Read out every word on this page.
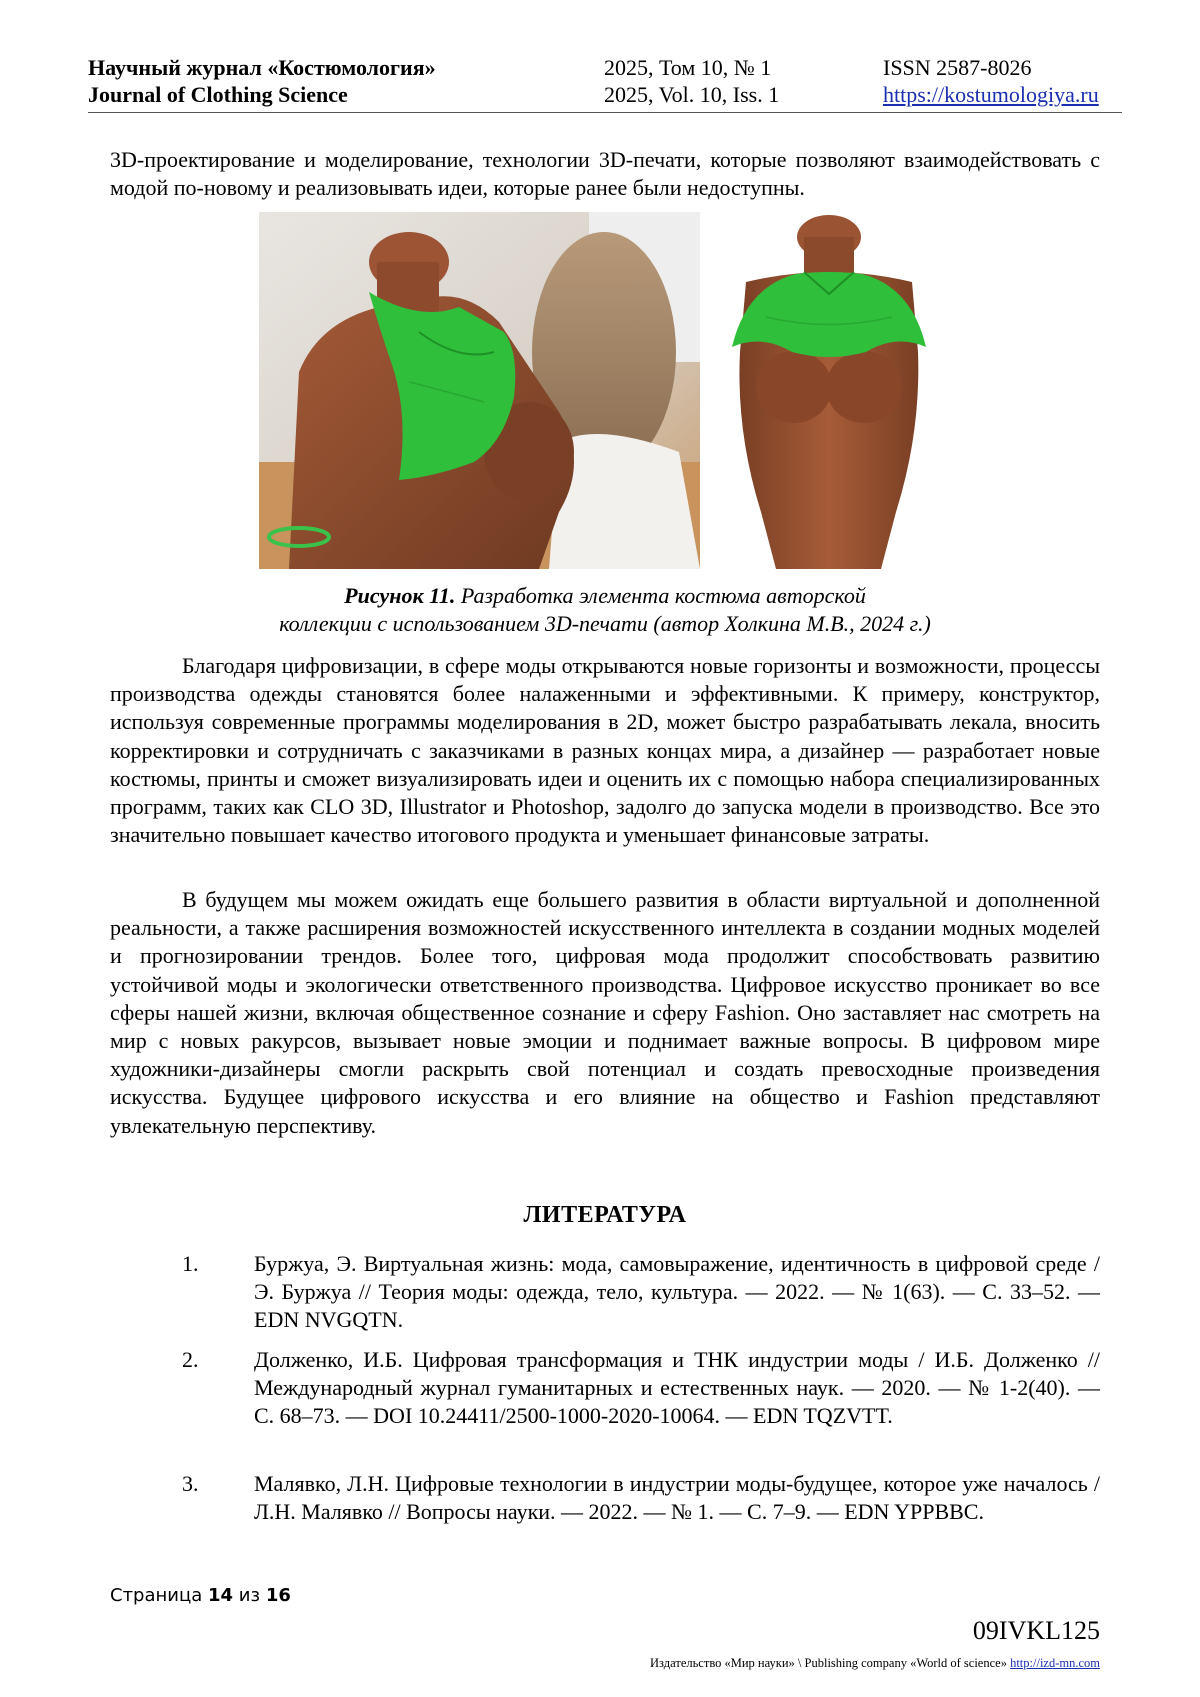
Научный журнал «Костюмология»
Journal of Clothing Science
2025, Том 10, № 1
2025, Vol. 10, Iss. 1
ISSN 2587-8026
https://kostumologiya.ru
3D-проектирование и моделирование, технологии 3D-печати, которые позволяют взаимодействовать с модой по-новому и реализовывать идеи, которые ранее были недоступны.
Рисунок 11. Разработка элемента костюма авторской
коллекции с использованием 3D-печати (автор Холкина М.В., 2024 г.)
Благодаря цифровизации, в сфере моды открываются новые горизонты и возможности, процессы производства одежды становятся более налаженными и эффективными. К примеру, конструктор, используя современные программы моделирования в 2D, может быстро разрабатывать лекала, вносить корректировки и сотрудничать с заказчиками в разных концах мира, а дизайнер — разработает новые костюмы, принты и сможет визуализировать идеи и оценить их с помощью набора специализированных программ, таких как CLO 3D, Illustrator и Photoshop, задолго до запуска модели в производство. Все это значительно повышает качество итогового продукта и уменьшает финансовые затраты.
В будущем мы можем ожидать еще большего развития в области виртуальной и дополненной реальности, а также расширения возможностей искусственного интеллекта в создании модных моделей и прогнозировании трендов. Более того, цифровая мода продолжит способствовать развитию устойчивой моды и экологически ответственного производства. Цифровое искусство проникает во все сферы нашей жизни, включая общественное сознание и сферу Fashion. Оно заставляет нас смотреть на мир с новых ракурсов, вызывает новые эмоции и поднимает важные вопросы. В цифровом мире художники-дизайнеры смогли раскрыть свой потенциал и создать превосходные произведения искусства. Будущее цифрового искусства и его влияние на общество и Fashion представляют увлекательную перспективу.
ЛИТЕРАТУРА
1.	Буржуа, Э. Виртуальная жизнь: мода, самовыражение, идентичность в цифровой среде / Э. Буржуа // Теория моды: одежда, тело, культура. — 2022. — № 1(63). — С. 33–52. — EDN NVGQTN.
2.	Долженко, И.Б. Цифровая трансформация и ТНК индустрии моды / И.Б. Долженко // Международный журнал гуманитарных и естественных наук. — 2020. — № 1-2(40). — С. 68–73. — DOI 10.24411/2500-1000-2020-10064. — EDN TQZVTT.
3.	Малявко, Л.Н. Цифровые технологии в индустрии моды-будущее, которое уже началось / Л.Н. Малявко // Вопросы науки. — 2022. — № 1. — С. 7–9. — EDN YPPBBC.
Страница 14 из 16
09IVKL125
Издательство «Мир науки» \ Publishing company «World of science» http://izd-mn.com
